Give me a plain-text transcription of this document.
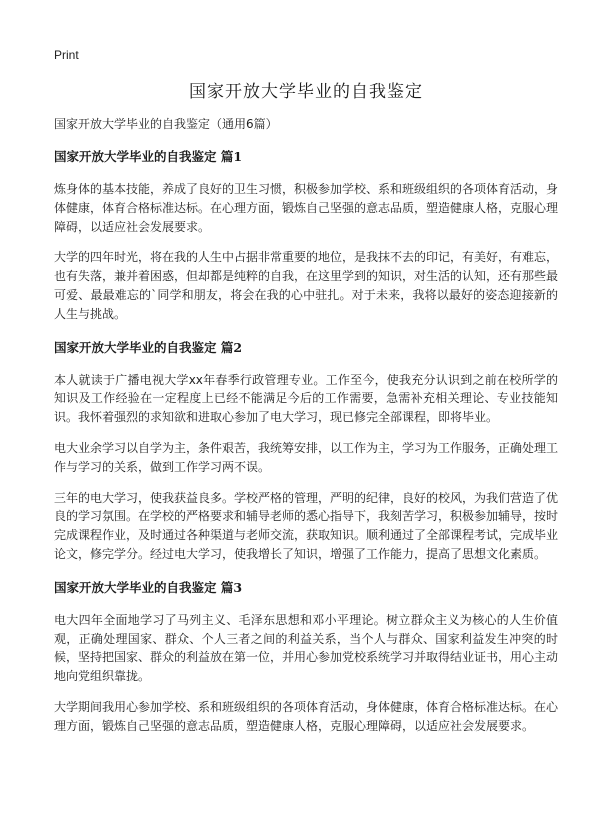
Print
国家开放大学毕业的自我鉴定

国家开放大学毕业的自我鉴定（通用6篇）

国家开放大学毕业的自我鉴定 篇1

炼身体的基本技能，养成了良好的卫生习惯，积极参加学校、系和班级组织的各项体育活动，身体健康，体育合格标准达标。在心理方面，锻炼自己坚强的意志品质，塑造健康人格，克服心理障碍，以适应社会发展要求。

大学的四年时光，将在我的人生中占据非常重要的地位，是我抹不去的印记，有美好，有难忘，也有失落，兼并着困惑，但却都是纯粹的自我，在这里学到的知识，对生活的认知，还有那些最可爱、最最难忘的`同学和朋友，将会在我的心中驻扎。对于未来，我将以最好的姿态迎接新的人生与挑战。

国家开放大学毕业的自我鉴定 篇2

本人就读于广播电视大学xx年春季行政管理专业。工作至今，使我充分认识到之前在校所学的知识及工作经验在一定程度上已经不能满足今后的工作需要，急需补充相关理论、专业技能知识。我怀着强烈的求知欲和进取心参加了电大学习，现已修完全部课程，即将毕业。

电大业余学习以自学为主，条件艰苦，我统筹安排，以工作为主，学习为工作服务，正确处理工作与学习的关系，做到工作学习两不误。

三年的电大学习，使我获益良多。学校严格的管理，严明的纪律，良好的校风，为我们营造了优良的学习氛围。在学校的严格要求和辅导老师的悉心指导下，我刻苦学习，积极参加辅导，按时完成课程作业，及时通过各种渠道与老师交流，获取知识。顺利通过了全部课程考试，完成毕业论文，修完学分。经过电大学习，使我增长了知识，增强了工作能力，提高了思想文化素质。

国家开放大学毕业的自我鉴定 篇3

电大四年全面地学习了马列主义、毛泽东思想和邓小平理论。树立群众主义为核心的人生价值观，正确处理国家、群众、个人三者之间的利益关系，当个人与群众、国家利益发生冲突的时候，坚持把国家、群众的利益放在第一位，并用心参加党校系统学习并取得结业证书，用心主动地向党组织靠拢。

大学期间我用心参加学校、系和班级组织的各项体育活动，身体健康，体育合格标准达标。在心理方面，锻炼自己坚强的意志品质，塑造健康人格，克服心理障碍，以适应社会发展要求。
